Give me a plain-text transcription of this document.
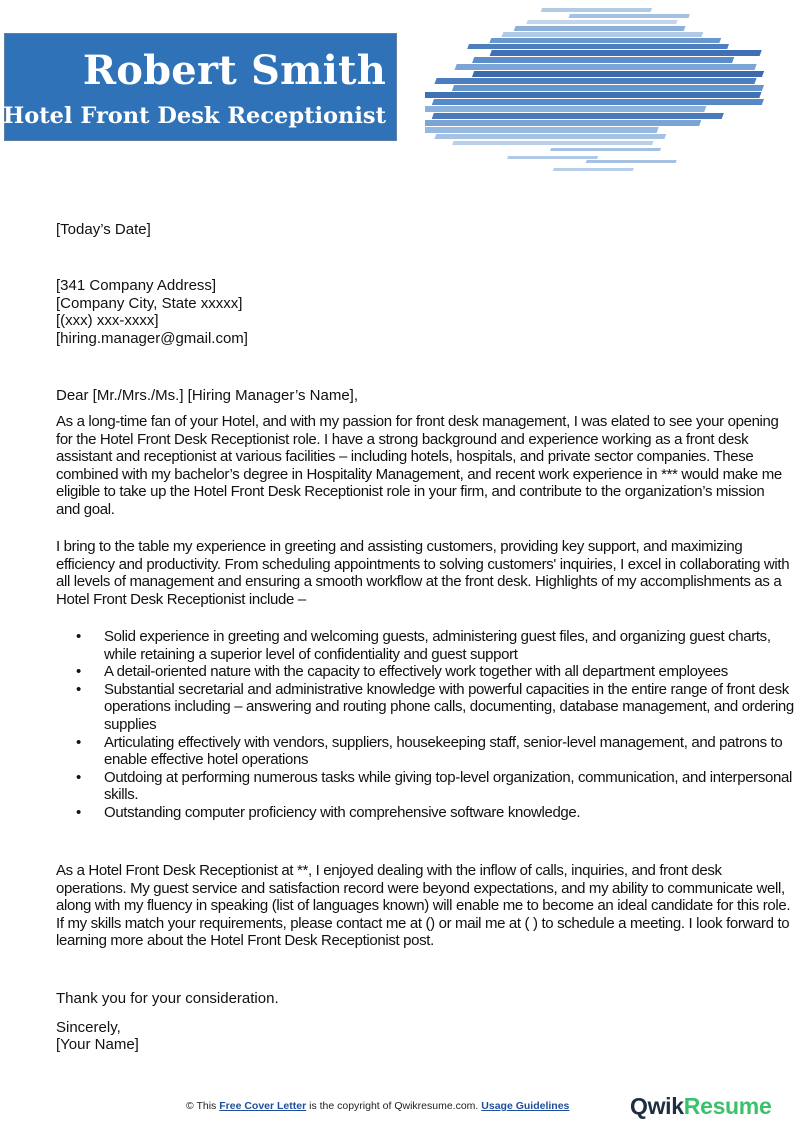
Robert Smith
Hotel Front Desk Receptionist
[Today’s Date]
[341 Company Address]
[Company City, State xxxxx]
[(xxx) xxx-xxxx]
[hiring.manager@gmail.com]
Dear [Mr./Mrs./Ms.] [Hiring Manager’s Name],
As a long-time fan of your Hotel, and with my passion for front desk management, I was elated to see your opening for the Hotel Front Desk Receptionist role. I have a strong background and experience working as a front desk assistant and receptionist at various facilities – including hotels, hospitals, and private sector companies. These combined with my bachelor’s degree in Hospitality Management, and recent work experience in *** would make me eligible to take up the Hotel Front Desk Receptionist role in your firm, and contribute to the organization’s mission and goal.
I bring to the table my experience in greeting and assisting customers, providing key support, and maximizing efficiency and productivity. From scheduling appointments to solving customers' inquiries, I excel in collaborating with all levels of management and ensuring a smooth workflow at the front desk. Highlights of my accomplishments as a Hotel Front Desk Receptionist include –
• Solid experience in greeting and welcoming guests, administering guest files, and organizing guest charts, while retaining a superior level of confidentiality and guest support
• A detail-oriented nature with the capacity to effectively work together with all department employees
• Substantial secretarial and administrative knowledge with powerful capacities in the entire range of front desk operations including – answering and routing phone calls, documenting, database management, and ordering supplies
• Articulating effectively with vendors, suppliers, housekeeping staff, senior-level management, and patrons to enable effective hotel operations
• Outdoing at performing numerous tasks while giving top-level organization, communication, and interpersonal skills.
• Outstanding computer proficiency with comprehensive software knowledge.
As a Hotel Front Desk Receptionist at **, I enjoyed dealing with the inflow of calls, inquiries, and front desk operations. My guest service and satisfaction record were beyond expectations, and my ability to communicate well, along with my fluency in speaking (list of languages known) will enable me to become an ideal candidate for this role. If my skills match your requirements, please contact me at () or mail me at ( ) to schedule a meeting. I look forward to learning more about the Hotel Front Desk Receptionist post.
Thank you for your consideration.
Sincerely,
[Your Name]
© This Free Cover Letter is the copyright of Qwikresume.com. Usage Guidelines	QwikResume
